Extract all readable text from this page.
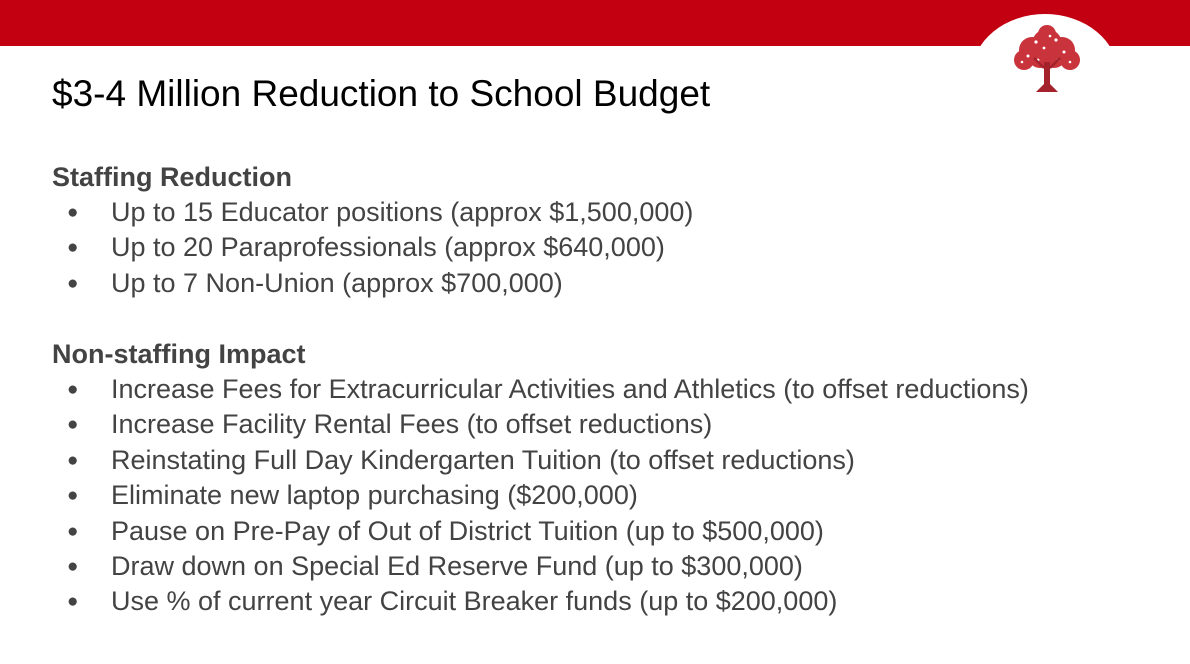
$3-4 Million Reduction to School Budget
Staffing Reduction
● Up to 15 Educator positions (approx $1,500,000)
● Up to 20 Paraprofessionals (approx $640,000)
● Up to 7 Non-Union (approx $700,000)
Non-staffing Impact
● Increase Fees for Extracurricular Activities and Athletics (to offset reductions)
● Increase Facility Rental Fees (to offset reductions)
● Reinstating Full Day Kindergarten Tuition (to offset reductions)
● Eliminate new laptop purchasing ($200,000)
● Pause on Pre-Pay of Out of District Tuition (up to $500,000)
● Draw down on Special Ed Reserve Fund (up to $300,000)
● Use % of current year Circuit Breaker funds (up to $200,000)
